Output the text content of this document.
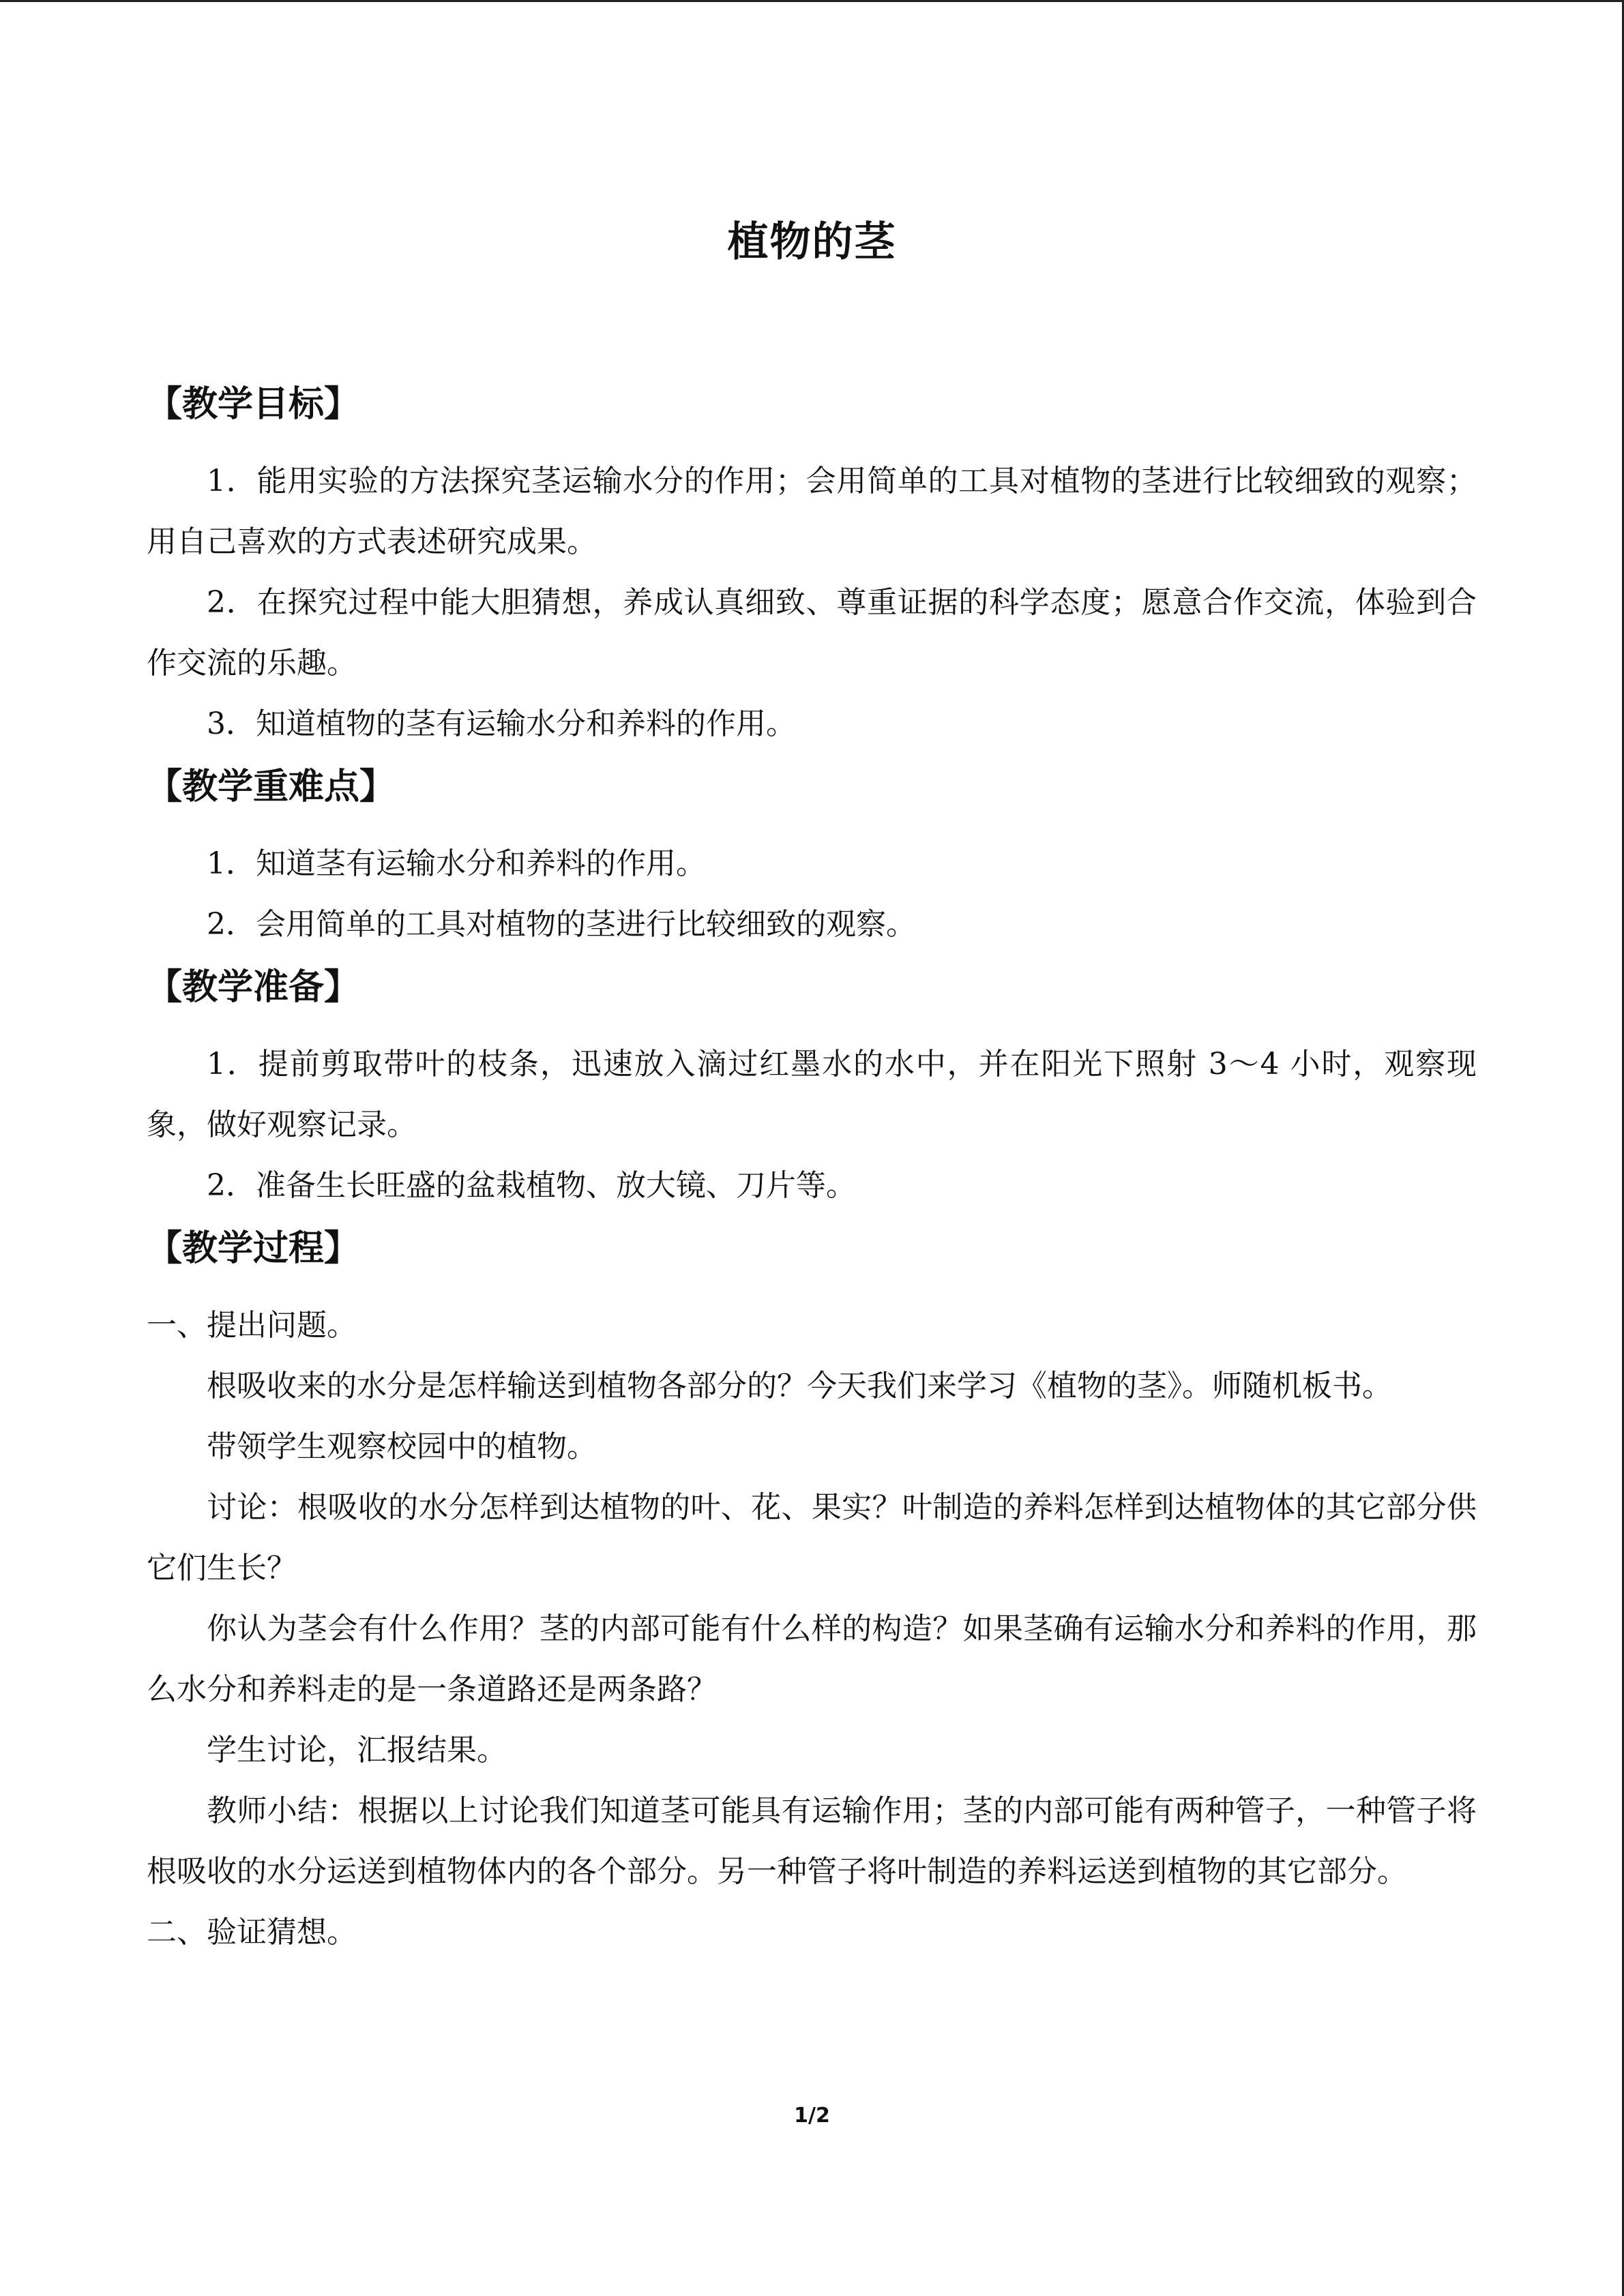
植物的茎
【教学目标】

1．能用实验的方法探究茎运输水分的作用；会用简单的工具对植物的茎进行比较细致的观察；用自己喜欢的方式表述研究成果。

2．在探究过程中能大胆猜想，养成认真细致、尊重证据的科学态度；愿意合作交流，体验到合作交流的乐趣。

3．知道植物的茎有运输水分和养料的作用。

【教学重难点】

1．知道茎有运输水分和养料的作用。

2．会用简单的工具对植物的茎进行比较细致的观察。

【教学准备】

1．提前剪取带叶的枝条，迅速放入滴过红墨水的水中，并在阳光下照射 3～4 小时，观察现象，做好观察记录。

2．准备生长旺盛的盆栽植物、放大镜、刀片等。

【教学过程】

一、提出问题。

根吸收来的水分是怎样输送到植物各部分的？今天我们来学习《植物的茎》。师随机板书。

带领学生观察校园中的植物。

讨论：根吸收的水分怎样到达植物的叶、花、果实？叶制造的养料怎样到达植物体的其它部分供它们生长？

你认为茎会有什么作用？茎的内部可能有什么样的构造？如果茎确有运输水分和养料的作用，那么水分和养料走的是一条道路还是两条路？

学生讨论，汇报结果。

教师小结：根据以上讨论我们知道茎可能具有运输作用；茎的内部可能有两种管子，一种管子将根吸收的水分运送到植物体内的各个部分。另一种管子将叶制造的养料运送到植物的其它部分。

二、验证猜想。

1/2
